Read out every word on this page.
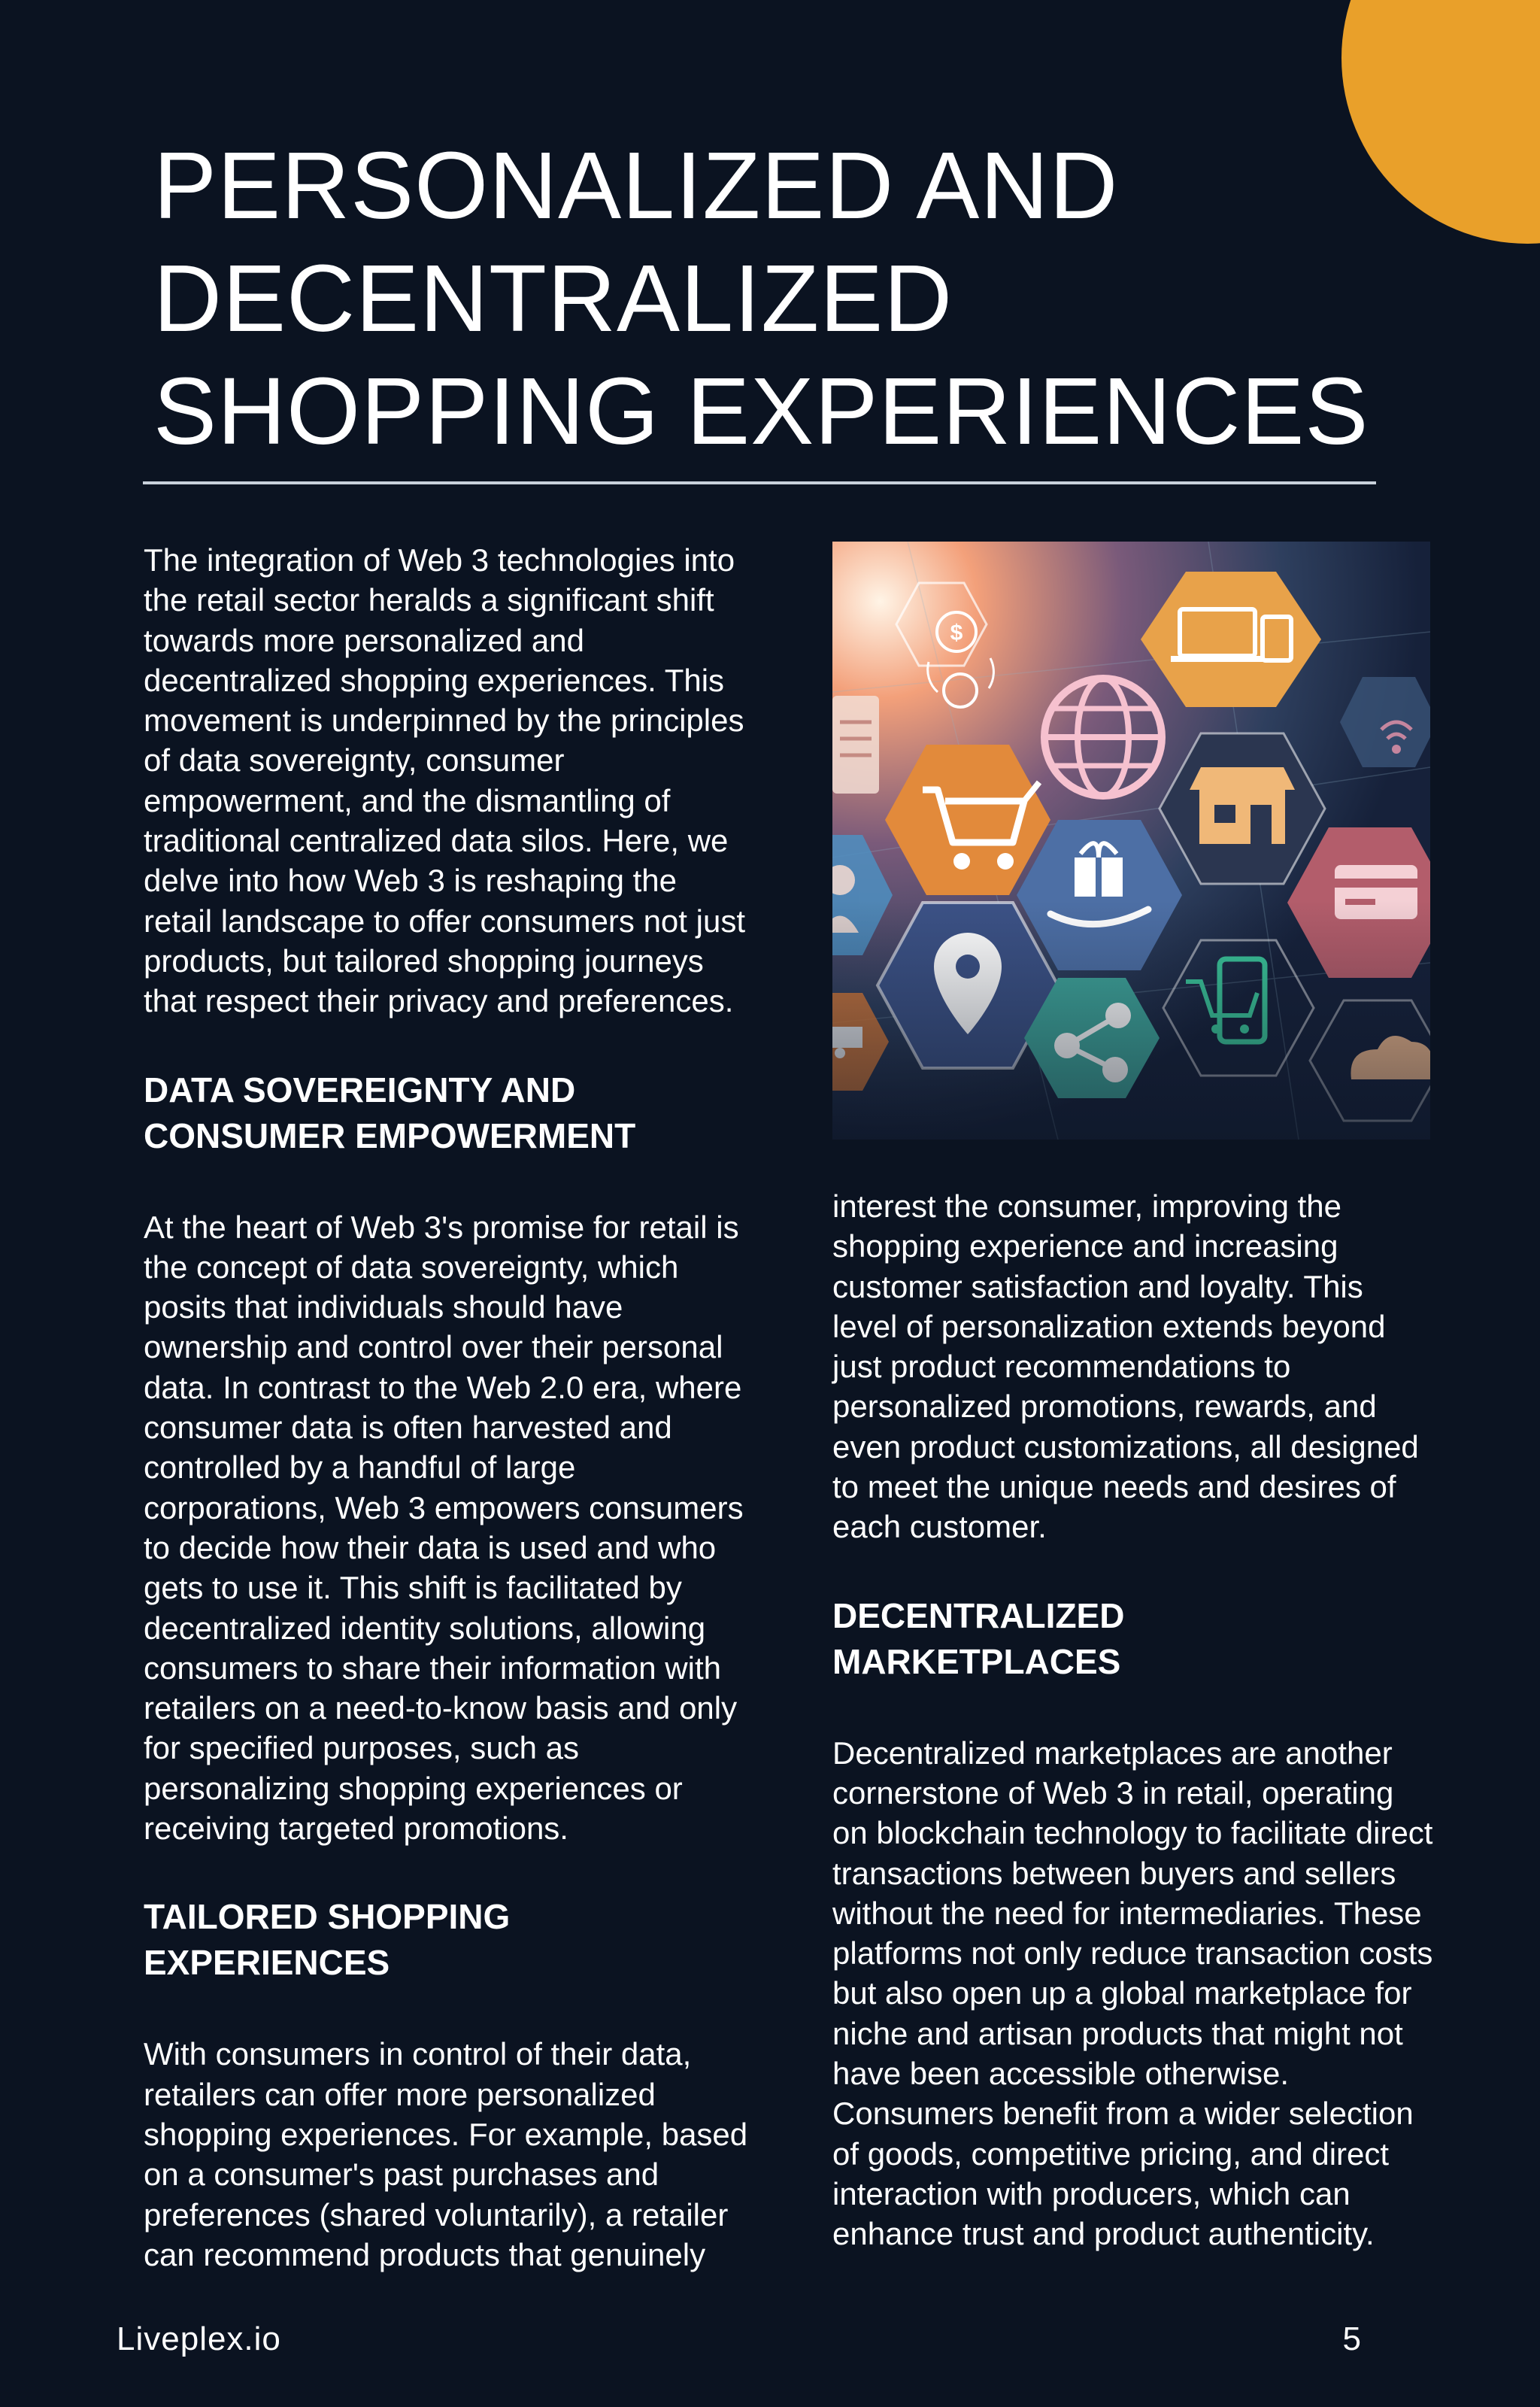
PERSONALIZED AND
DECENTRALIZED
SHOPPING EXPERIENCES

The integration of Web 3 technologies into
the retail sector heralds a significant shift
towards more personalized and
decentralized shopping experiences. This
movement is underpinned by the principles
of data sovereignty, consumer
empowerment, and the dismantling of
traditional centralized data silos. Here, we
delve into how Web 3 is reshaping the
retail landscape to offer consumers not just
products, but tailored shopping journeys
that respect their privacy and preferences.

DATA SOVEREIGNTY AND
CONSUMER EMPOWERMENT

At the heart of Web 3's promise for retail is
the concept of data sovereignty, which
posits that individuals should have
ownership and control over their personal
data. In contrast to the Web 2.0 era, where
consumer data is often harvested and
controlled by a handful of large
corporations, Web 3 empowers consumers
to decide how their data is used and who
gets to use it. This shift is facilitated by
decentralized identity solutions, allowing
consumers to share their information with
retailers on a need-to-know basis and only
for specified purposes, such as
personalizing shopping experiences or
receiving targeted promotions.

TAILORED SHOPPING
EXPERIENCES

With consumers in control of their data,
retailers can offer more personalized
shopping experiences. For example, based
on a consumer's past purchases and
preferences (shared voluntarily), a retailer
can recommend products that genuinely

interest the consumer, improving the
shopping experience and increasing
customer satisfaction and loyalty. This
level of personalization extends beyond
just product recommendations to
personalized promotions, rewards, and
even product customizations, all designed
to meet the unique needs and desires of
each customer.

DECENTRALIZED
MARKETPLACES

Decentralized marketplaces are another
cornerstone of Web 3 in retail, operating
on blockchain technology to facilitate direct
transactions between buyers and sellers
without the need for intermediaries. These
platforms not only reduce transaction costs
but also open up a global marketplace for
niche and artisan products that might not
have been accessible otherwise.
Consumers benefit from a wider selection
of goods, competitive pricing, and direct
interaction with producers, which can
enhance trust and product authenticity.

Liveplex.io	5
